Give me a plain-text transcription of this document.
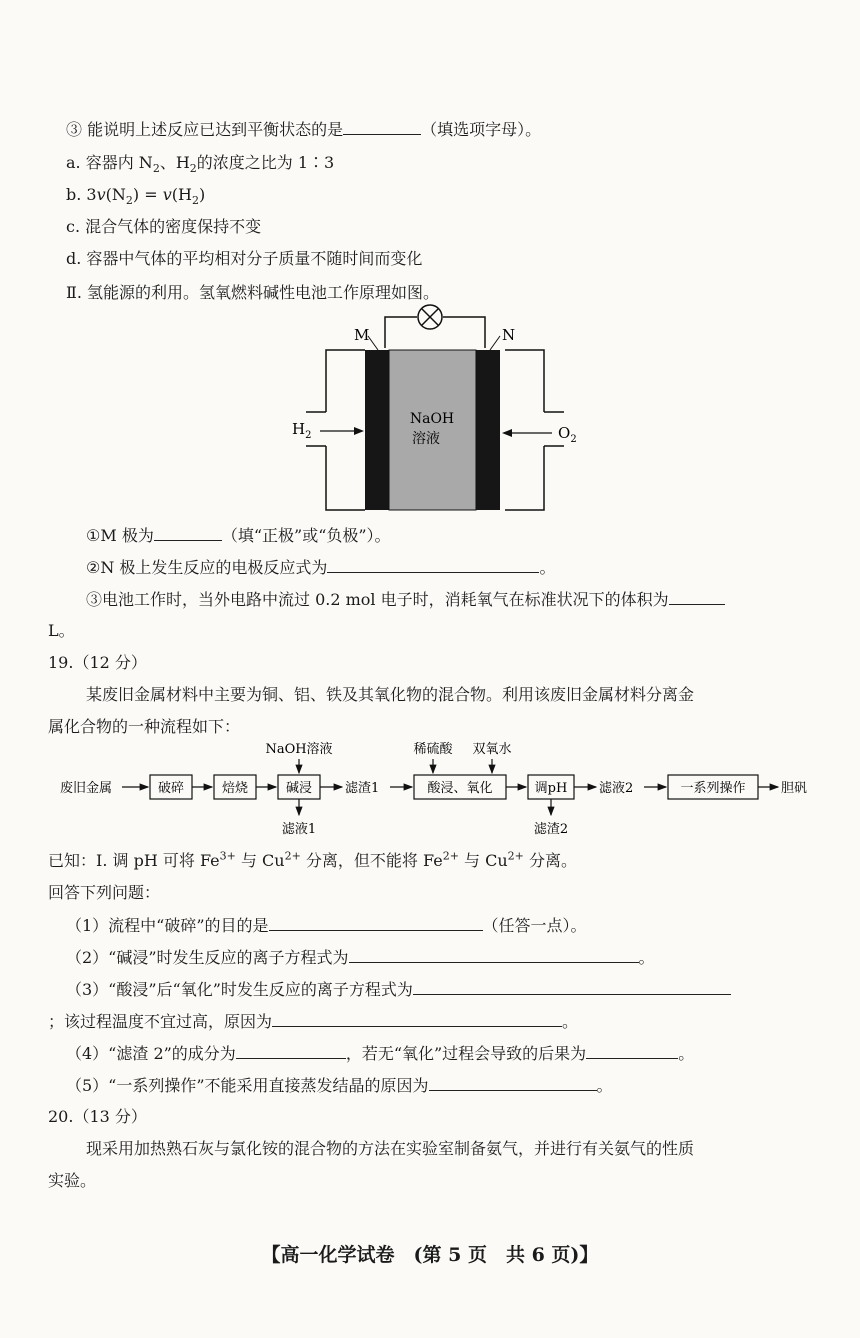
③ 能说明上述反应已达到平衡状态的是	（填选项字母）。
a. 容器内 $N_2$、$H_2$的浓度之比为 1∶3
b. $3v(N_2) = v(H_2)$
c. 混合气体的密度保持不变
d. 容器中气体的平均相对分子质量不随时间而变化
Ⅱ. 氢能源的利用。氢氧燃料碱性电池工作原理如图。
M	N
NaOH
溶液
$H_2$	$O_2$
①M 极为	（填“正极”或“负极”）。
②N 极上发生反应的电极反应式为	。
③电池工作时，当外电路中流过 0.2 mol 电子时，消耗氧气在标准状况下的体积为
L。
19.（12 分）
某废旧金属材料中主要为铜、铝、铁及其氧化物的混合物。利用该废旧金属材料分离金
属化合物的一种流程如下：
废旧金属	破碎	焙烧	碱浸
NaOH溶液
滤液1
滤渣1	酸浸、氧化
稀硫酸 双氧水
调pH
滤渣2
滤液2	一系列操作	胆矾
已知：Ⅰ. 调 pH 可将 $Fe^{3+}$ 与 $Cu^{2+}$ 分离，但不能将 $Fe^{2+}$ 与 $Cu^{2+}$ 分离。
回答下列问题：
（1）流程中“破碎”的目的是	（任答一点）。
（2）“碱浸”时发生反应的离子方程式为	。
（3）“酸浸”后“氧化”时发生反应的离子方程式为
；该过程温度不宜过高，原因为	。
（4）“滤渣 2”的成分为	，若无“氧化”过程会导致的后果为	。
（5）“一系列操作”不能采用直接蒸发结晶的原因为	。
20.（13 分）
现采用加热熟石灰与氯化铵的混合物的方法在实验室制备氨气，并进行有关氨气的性质
实验。
【高一化学试卷　(第 5 页　共 6 页)】
